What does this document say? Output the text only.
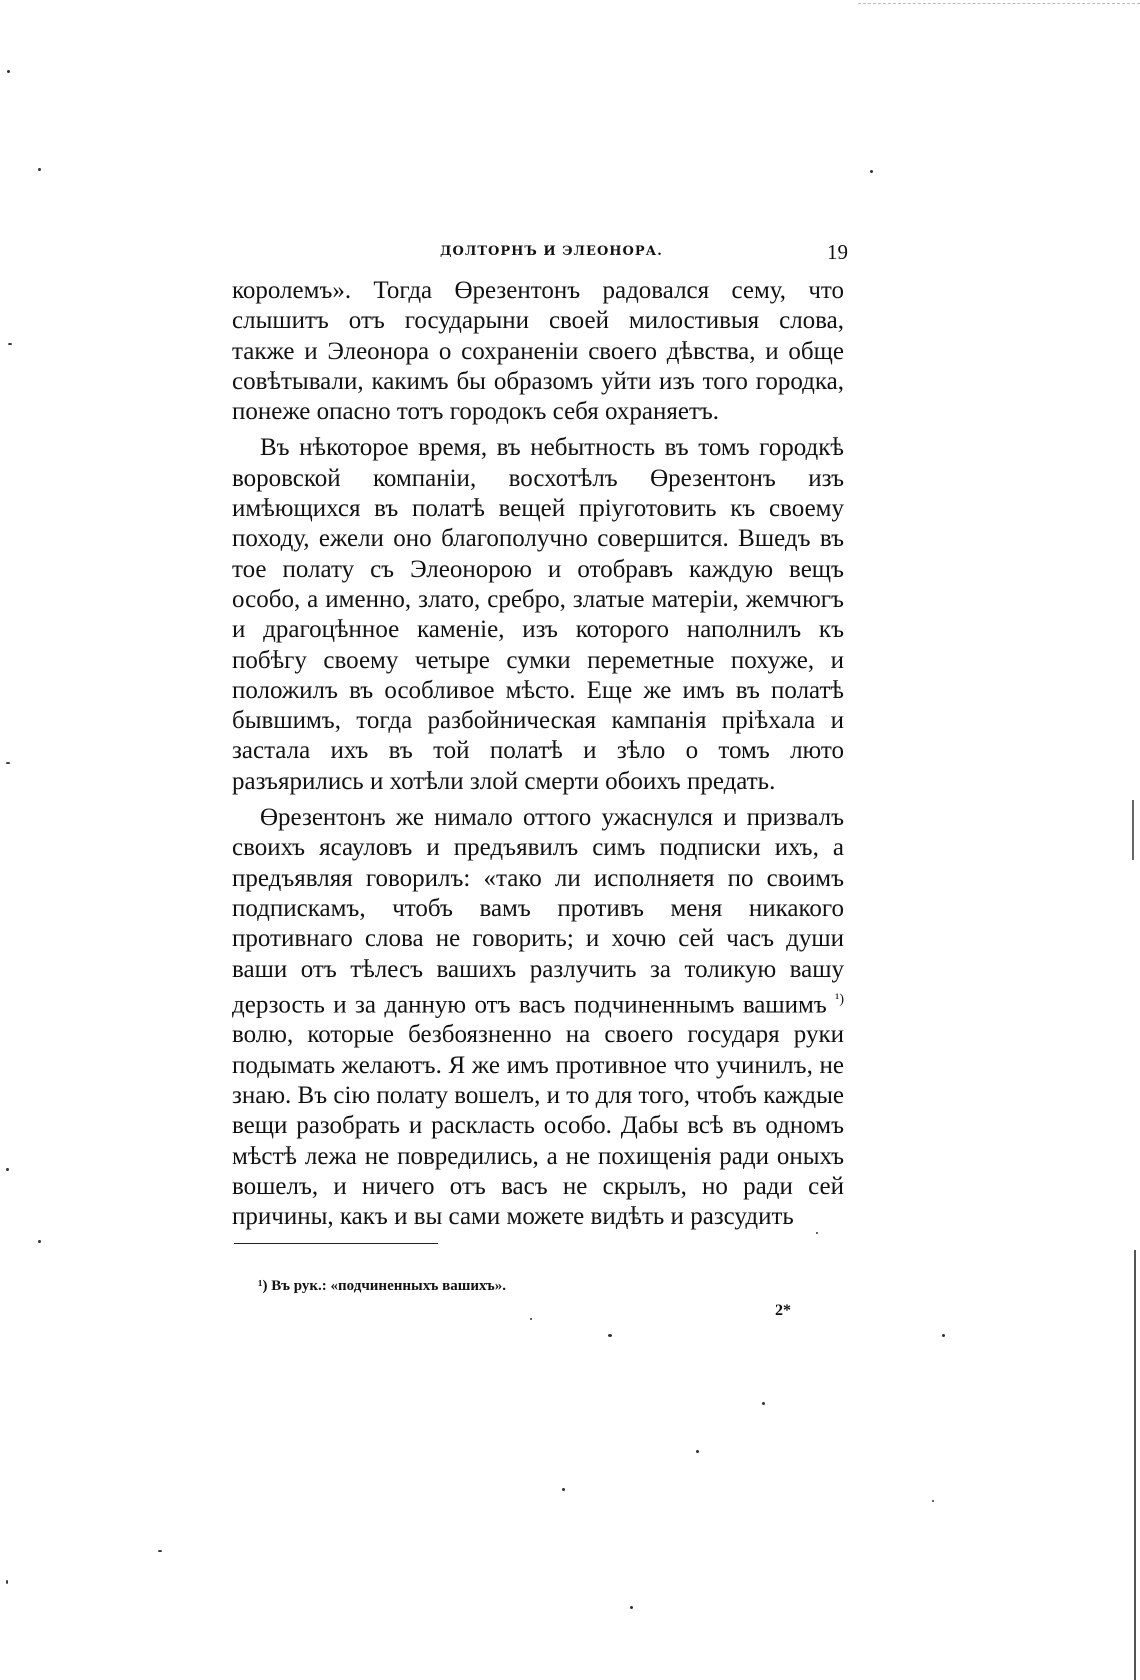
ДОЛТОРНЪ И ЭЛЕОНОРА.	19

королемъ». Тогда Өрезентонъ радовался сему, что слышитъ отъ государыни своей милостивыя слова, также и Элеонора о сохраненіи своего дѣвства, и обще совѣтывали, какимъ бы образомъ уйти изъ того городка, понеже опасно тотъ городокъ себя охраняетъ.

Въ нѣкоторое время, въ небытность въ томъ городкѣ воровской компаніи, восхотѣлъ Өрезентонъ изъ имѣющихся въ полатѣ вещей пріуготовить къ своему походу, ежели оно благополучно совершится. Вшедъ въ тое полату съ Элеонорою и отобравъ каждую вещъ особо, а именно, злато, сребро, златые матеріи, жемчюгъ и драгоцѣнное каменіе, изъ которого наполнилъ къ побѣгу своему четыре сумки переметные похуже, и положилъ въ особливое мѣсто. Еще же имъ въ полатѣ бывшимъ, тогда разбойническая кампанія пріѣхала и застала ихъ въ той полатѣ и зѣло о томъ люто разъярились и хотѣли злой смерти обоихъ предать.

Өрезентонъ же нимало оттого ужаснулся и призвалъ своихъ ясауловъ и предъявилъ симъ подписки ихъ, а предъявляя говорилъ: «тако ли исполняетя по своимъ подпискамъ, чтобъ вамъ противъ меня никакого противнаго слова не говорить; и хочю сей часъ души ваши отъ тѣлесъ вашихъ разлучить за толикую вашу дерзость и за данную отъ васъ подчиненнымъ вашимъ $^{^1)}$ волю, которые безбоязненно на своего государя руки подымать желаютъ. Я же имъ противное что учинилъ, не знаю. Въ сію полату вошелъ, и то для того, чтобъ каждые вещи разобрать и раскласть особо. Дабы всѣ въ одномъ мѣстѣ лежа не повредились, а не похищенія ради оныхъ вошелъ, и ничего отъ васъ не скрылъ, но ради сей причины, какъ и вы сами можете видѣть и разсудить

¹) Въ рук.: «подчиненныхъ вашихъ».
2*
